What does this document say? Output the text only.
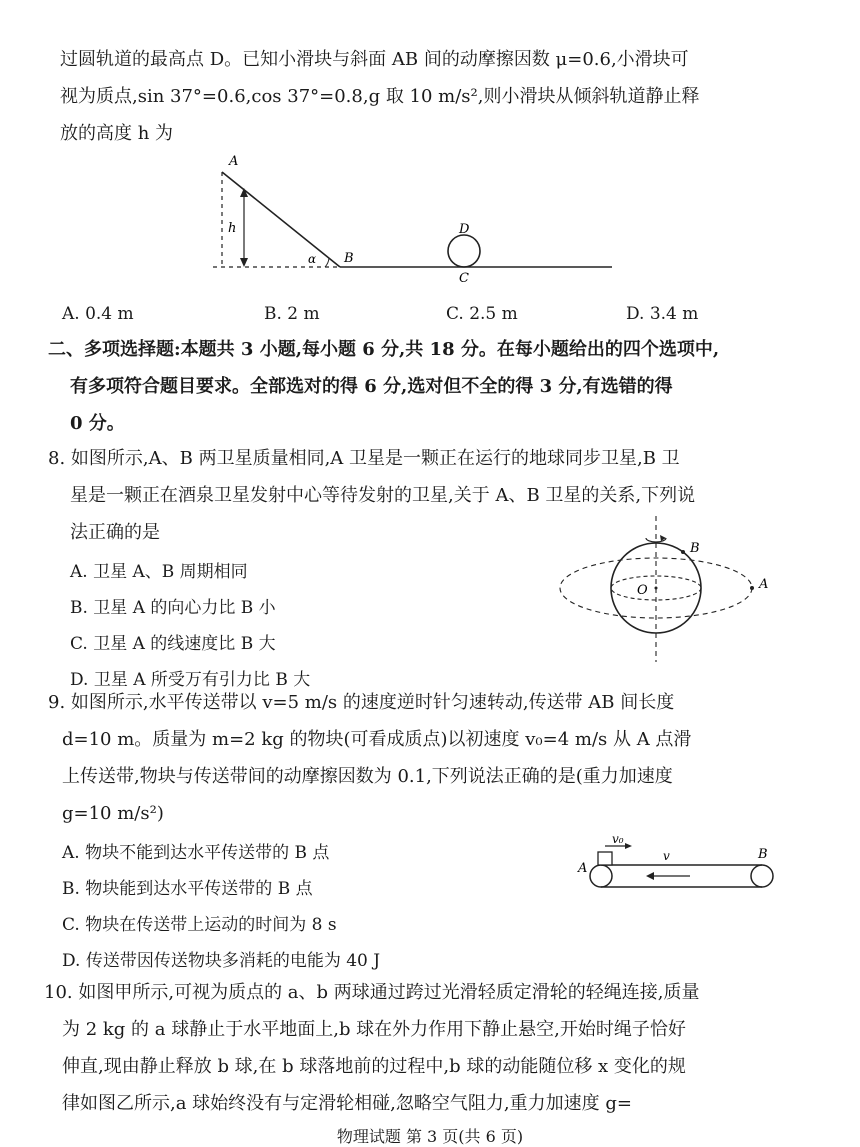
过圆轨道的最高点 D。已知小滑块与斜面 AB 间的动摩擦因数 μ=0.6,小滑块可
视为质点,sin 37°=0.6,cos 37°=0.8,g 取 10 m/s²,则小滑块从倾斜轨道静止释
放的高度 h 为
A
h
α B
D
C
A. 0.4 m	B. 2 m	C. 2.5 m	D. 3.4 m
二、多项选择题:本题共 3 小题,每小题 6 分,共 18 分。在每小题给出的四个选项中,
有多项符合题目要求。全部选对的得 6 分,选对但不全的得 3 分,有选错的得
0 分。
8. 如图所示,A、B 两卫星质量相同,A 卫星是一颗正在运行的地球同步卫星,B 卫
星是一颗正在酒泉卫星发射中心等待发射的卫星,关于 A、B 卫星的关系,下列说
法正确的是
A. 卫星 A、B 周期相同
B. 卫星 A 的向心力比 B 小
C. 卫星 A 的线速度比 B 大
D. 卫星 A 所受万有引力比 B 大
B
O	A
9. 如图所示,水平传送带以 v=5 m/s 的速度逆时针匀速转动,传送带 AB 间长度
d=10 m。质量为 m=2 kg 的物块(可看成质点)以初速度 v₀=4 m/s 从 A 点滑
上传送带,物块与传送带间的动摩擦因数为 0.1,下列说法正确的是(重力加速度
g=10 m/s²)
A. 物块不能到达水平传送带的 B 点
B. 物块能到达水平传送带的 B 点
C. 物块在传送带上运动的时间为 8 s
D. 传送带因传送物块多消耗的电能为 40 J
v₀
v
A
B
10. 如图甲所示,可视为质点的 a、b 两球通过跨过光滑轻质定滑轮的轻绳连接,质量
为 2 kg 的 a 球静止于水平地面上,b 球在外力作用下静止悬空,开始时绳子恰好
伸直,现由静止释放 b 球,在 b 球落地前的过程中,b 球的动能随位移 x 变化的规
律如图乙所示,a 球始终没有与定滑轮相碰,忽略空气阻力,重力加速度 g=
物理试题 第 3 页(共 6 页)
